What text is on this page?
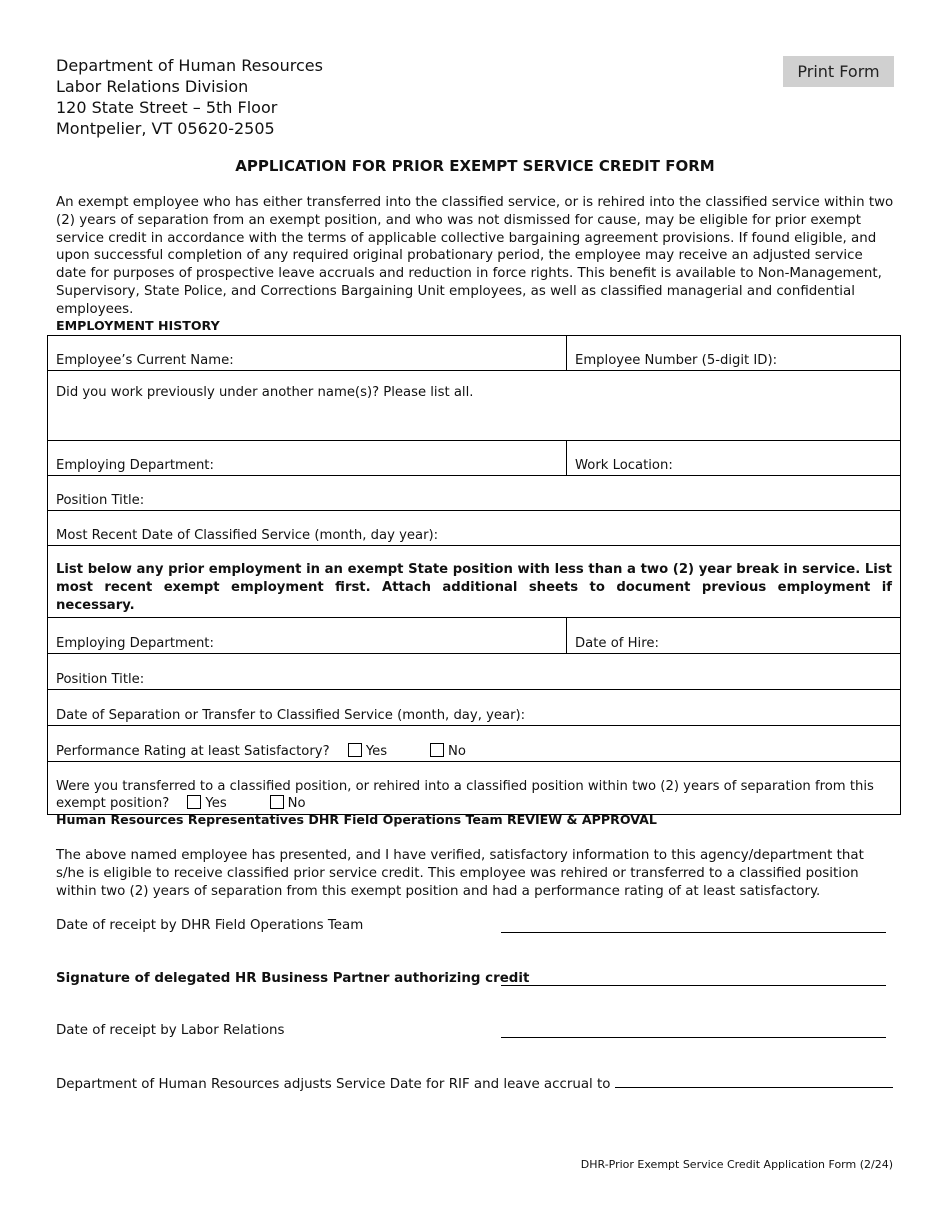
Department of Human Resources
Labor Relations Division
120 State Street – 5th Floor
Montpelier, VT 05620-2505
Print Form
APPLICATION FOR PRIOR EXEMPT SERVICE CREDIT FORM
An exempt employee who has either transferred into the classified service, or is rehired into the classified service within two (2) years of separation from an exempt position, and who was not dismissed for cause, may be eligible for prior exempt service credit in accordance with the terms of applicable collective bargaining agreement provisions. If found eligible, and upon successful completion of any required original probationary period, the employee may receive an adjusted service date for purposes of prospective leave accruals and reduction in force rights. This benefit is available to Non-Management, Supervisory, State Police, and Corrections Bargaining Unit employees, as well as classified managerial and confidential employees.
EMPLOYMENT HISTORY
Employee’s Current Name:	Employee Number (5-digit ID):
Did you work previously under another name(s)? Please list all.	
Employing Department:	Work Location:
Position Title:	
Most Recent Date of Classified Service (month, day year):	
List below any prior employment in an exempt State position with less than a two (2) year break in service. List most recent exempt employment first. Attach additional sheets to document previous employment if necessary.	
Employing Department:	Date of Hire:
Position Title:	
Date of Separation or Transfer to Classified Service (month, day, year):	
Performance Rating at least Satisfactory? Yes No	
Were you transferred to a classified position, or rehired into a classified position within two (2) years of separation from this exempt position? Yes No	
Human Resources Representatives DHR Field Operations Team REVIEW & APPROVAL
The above named employee has presented, and I have verified, satisfactory information to this agency/department that s/he is eligible to receive classified prior service credit. This employee was rehired or transferred to a classified position within two (2) years of separation from this exempt position and had a performance rating of at least satisfactory.
Date of receipt by DHR Field Operations Team
Signature of delegated HR Business Partner authorizing credit
Date of receipt by Labor Relations
Department of Human Resources adjusts Service Date for RIF and leave accrual to
DHR-Prior Exempt Service Credit Application Form (2/24)
